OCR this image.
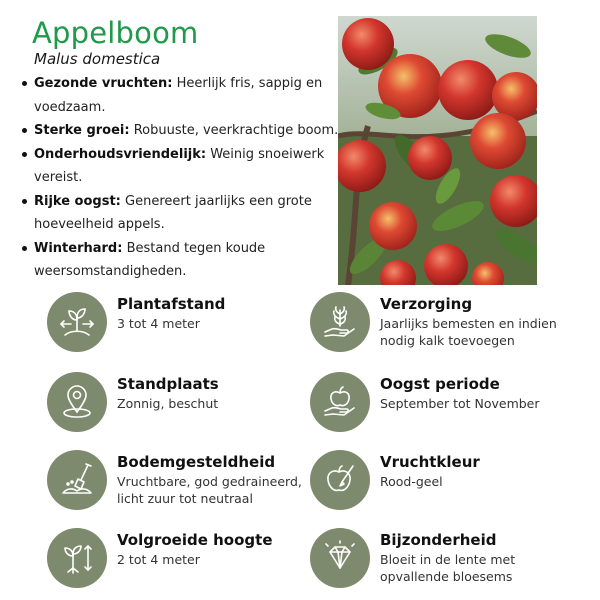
Appelboom
Malus domestica
Gezonde vruchten: Heerlijk fris, sappig en voedzaam.
Sterke groei: Robuuste, veerkrachtige boom.
Onderhoudsvriendelijk: Weinig snoeiwerk vereist.
Rijke oogst: Genereert jaarlijks een grote hoeveelheid appels.
Winterhard: Bestand tegen koude weersomstandigheden.
Plantafstand
3 tot 4 meter
Verzorging
Jaarlijks bemesten en indien nodig kalk toevoegen
Standplaats
Zonnig, beschut
Oogst periode
September tot November
Bodemgesteldheid
Vruchtbare, god gedraineerd, licht zuur tot neutraal
Vruchtkleur
Rood-geel
Volgroeide hoogte
2 tot 4 meter
Bijzonderheid
Bloeit in de lente met opvallende bloesems
